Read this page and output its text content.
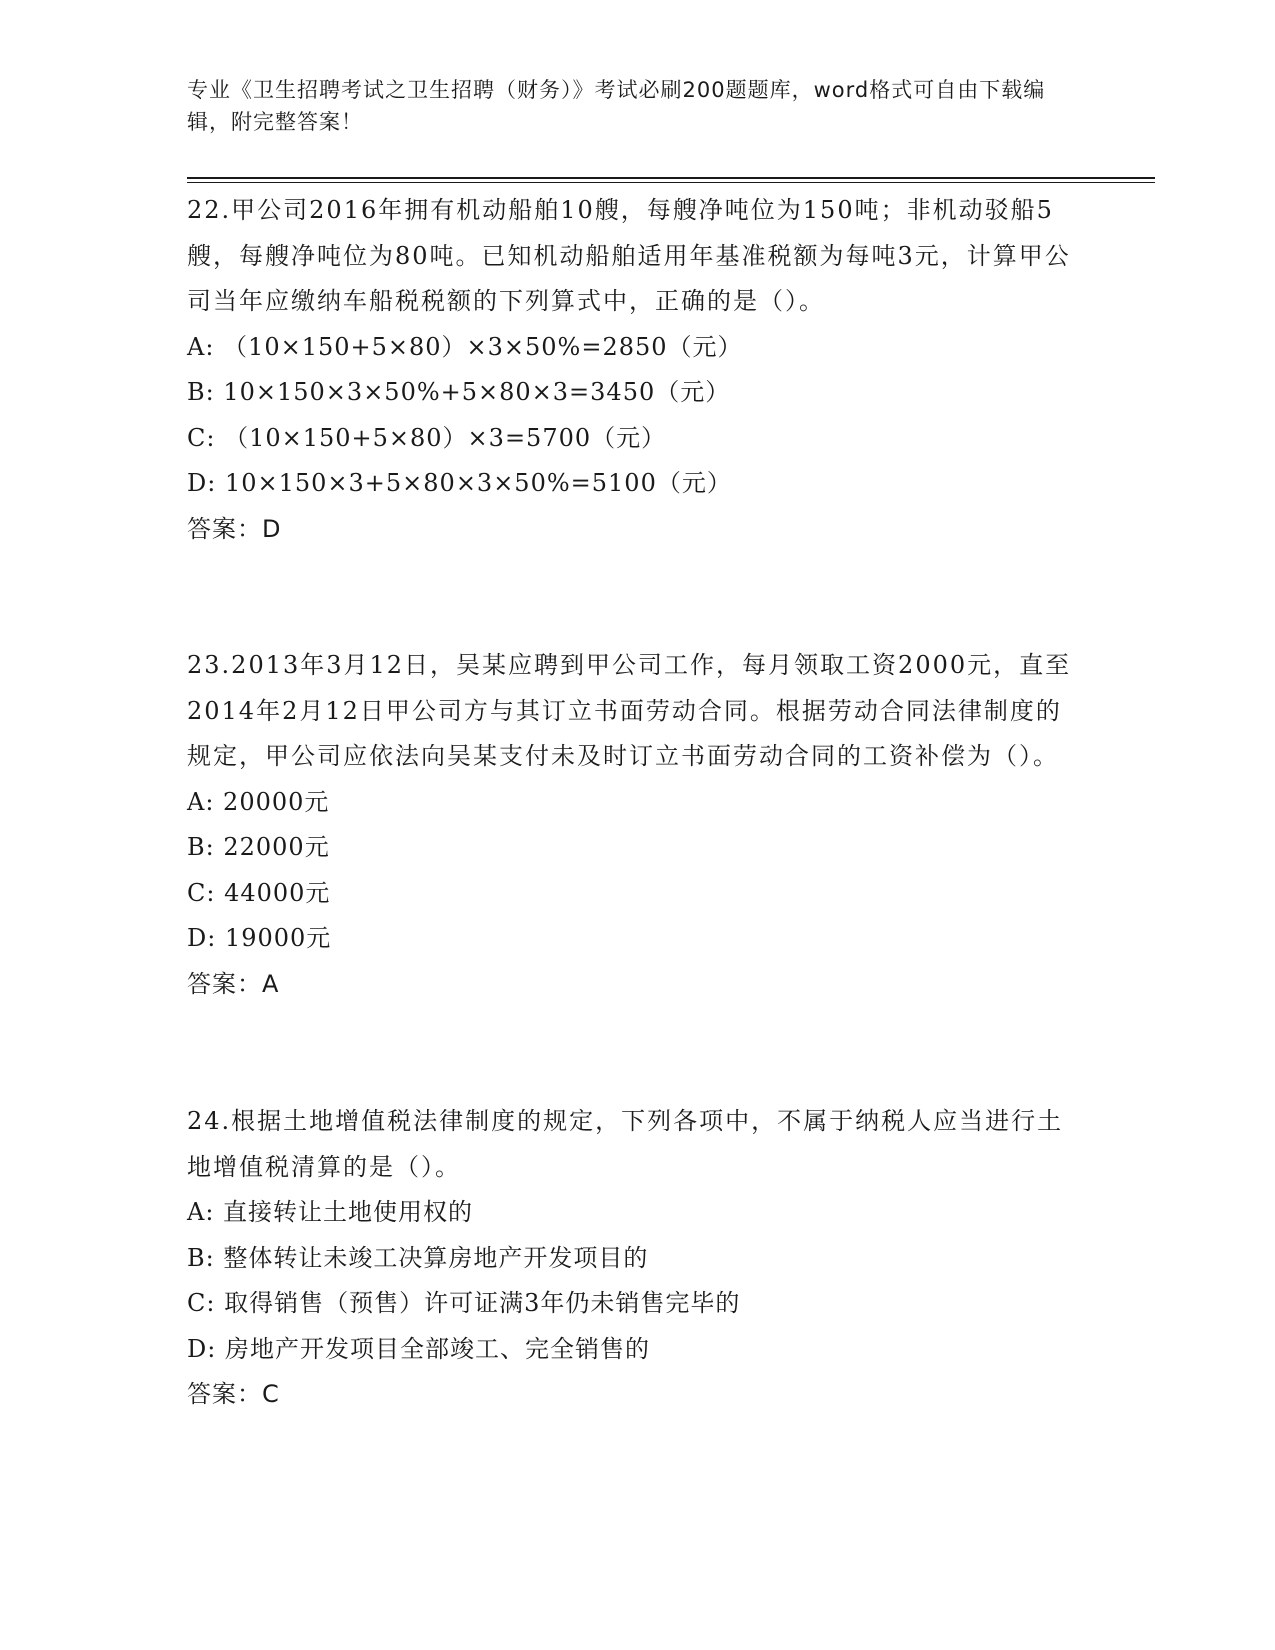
专业《卫生招聘考试之卫生招聘（财务）》考试必刷200题题库，word格式可自由下载编辑，附完整答案！

22.甲公司2016年拥有机动船舶10艘，每艘净吨位为150吨；非机动驳船5艘，每艘净吨位为80吨。已知机动船舶适用年基准税额为每吨3元，计算甲公司当年应缴纳车船税税额的下列算式中，正确的是（）。

A: （10×150+5×80）×3×50%=2850（元）

B: 10×150×3×50%+5×80×3=3450（元）

C: （10×150+5×80）×3=5700（元）

D: 10×150×3+5×80×3×50%=5100（元）

答案：D

23.2013年3月12日，吴某应聘到甲公司工作，每月领取工资2000元，直至2014年2月12日甲公司方与其订立书面劳动合同。根据劳动合同法律制度的规定，甲公司应依法向吴某支付未及时订立书面劳动合同的工资补偿为（）。

A: 20000元

B: 22000元

C: 44000元

D: 19000元

答案：A

24.根据土地增值税法律制度的规定，下列各项中，不属于纳税人应当进行土地增值税清算的是（）。

A: 直接转让土地使用权的

B: 整体转让未竣工决算房地产开发项目的

C: 取得销售（预售）许可证满3年仍未销售完毕的

D: 房地产开发项目全部竣工、完全销售的

答案：C
